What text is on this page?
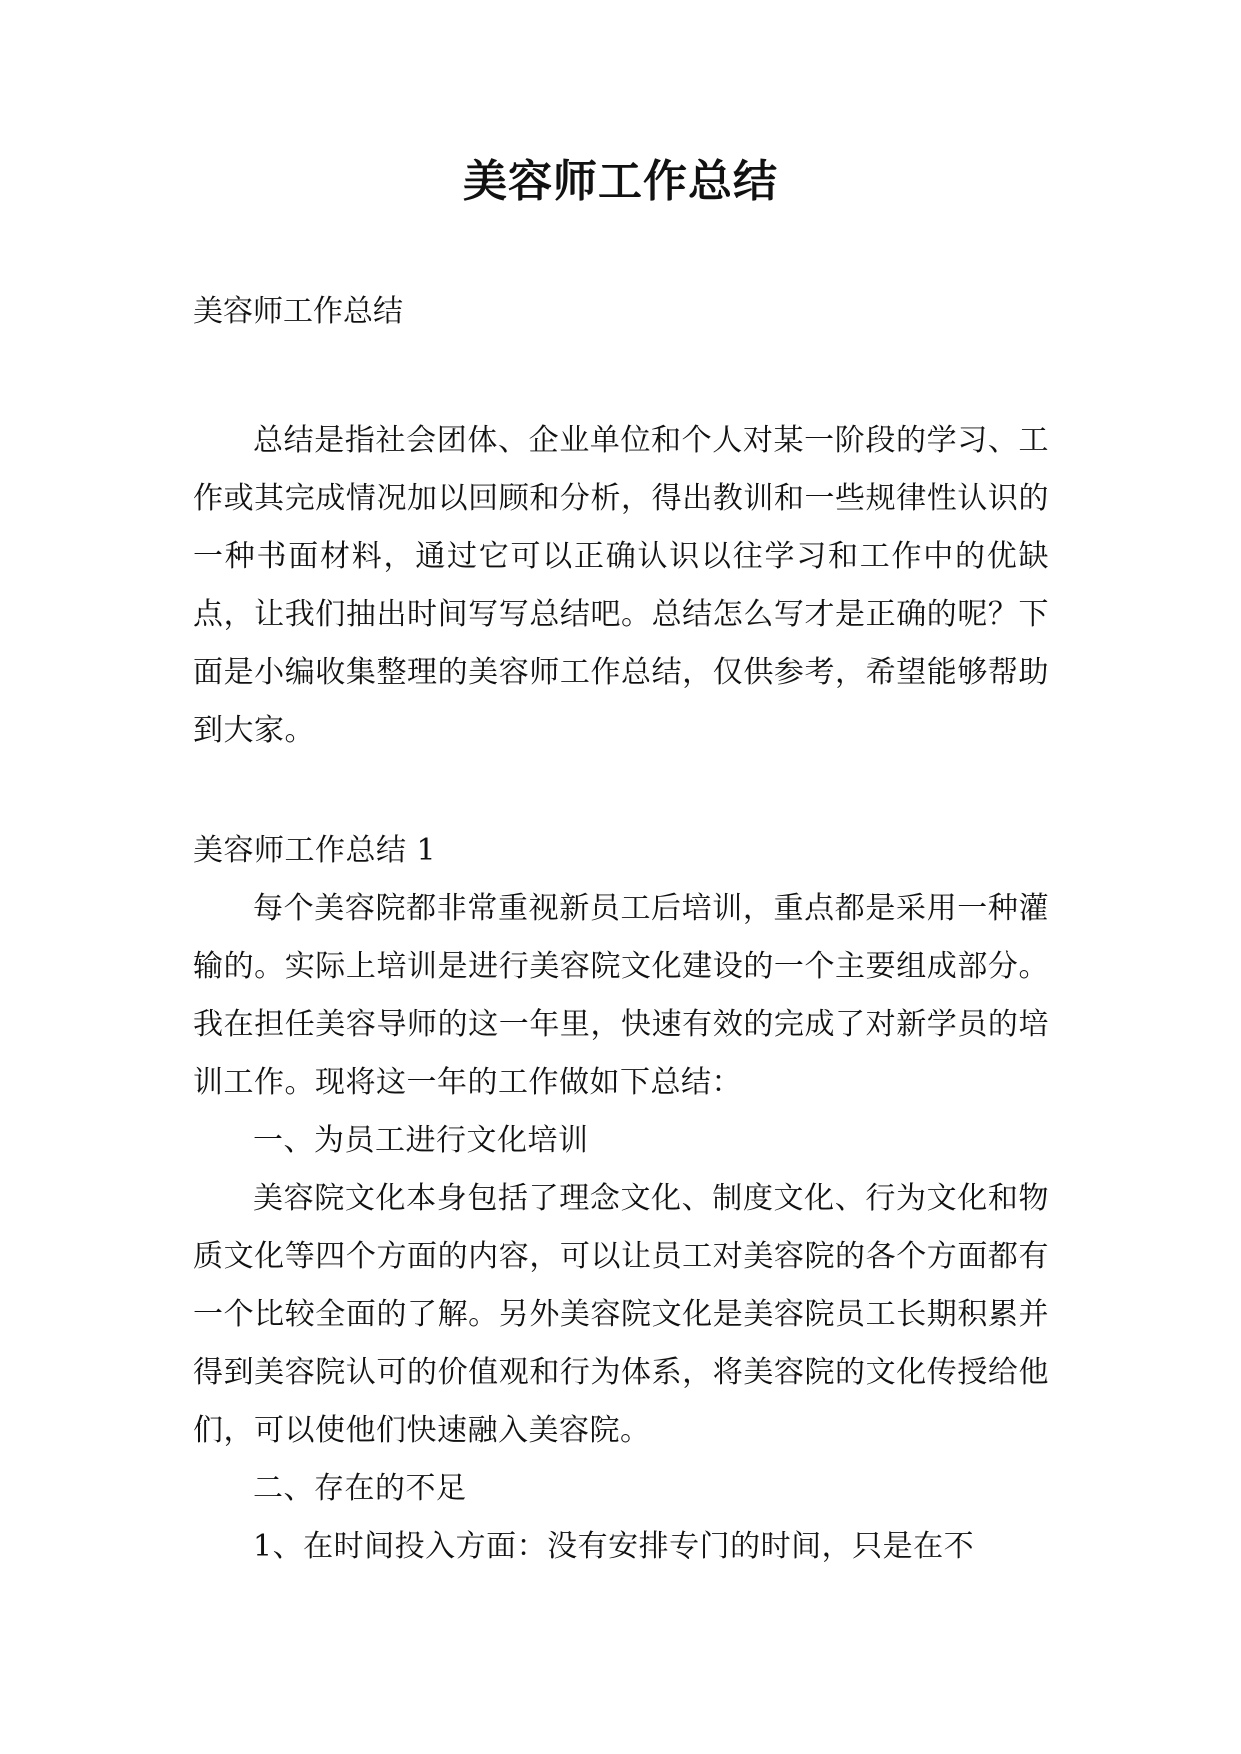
美容师工作总结
美容师工作总结

总结是指社会团体、企业单位和个人对某一阶段的学习、工作或其完成情况加以回顾和分析，得出教训和一些规律性认识的一种书面材料，通过它可以正确认识以往学习和工作中的优缺点，让我们抽出时间写写总结吧。总结怎么写才是正确的呢？下面是小编收集整理的美容师工作总结，仅供参考，希望能够帮助到大家。

美容师工作总结 1

每个美容院都非常重视新员工后培训，重点都是采用一种灌输的。实际上培训是进行美容院文化建设的一个主要组成部分。我在担任美容导师的这一年里，快速有效的完成了对新学员的培训工作。现将这一年的工作做如下总结：

一、为员工进行文化培训

美容院文化本身包括了理念文化、制度文化、行为文化和物质文化等四个方面的内容，可以让员工对美容院的各个方面都有一个比较全面的了解。另外美容院文化是美容院员工长期积累并得到美容院认可的价值观和行为体系，将美容院的文化传授给他们，可以使他们快速融入美容院。

二、存在的不足

1、在时间投入方面：没有安排专门的时间，只是在不
